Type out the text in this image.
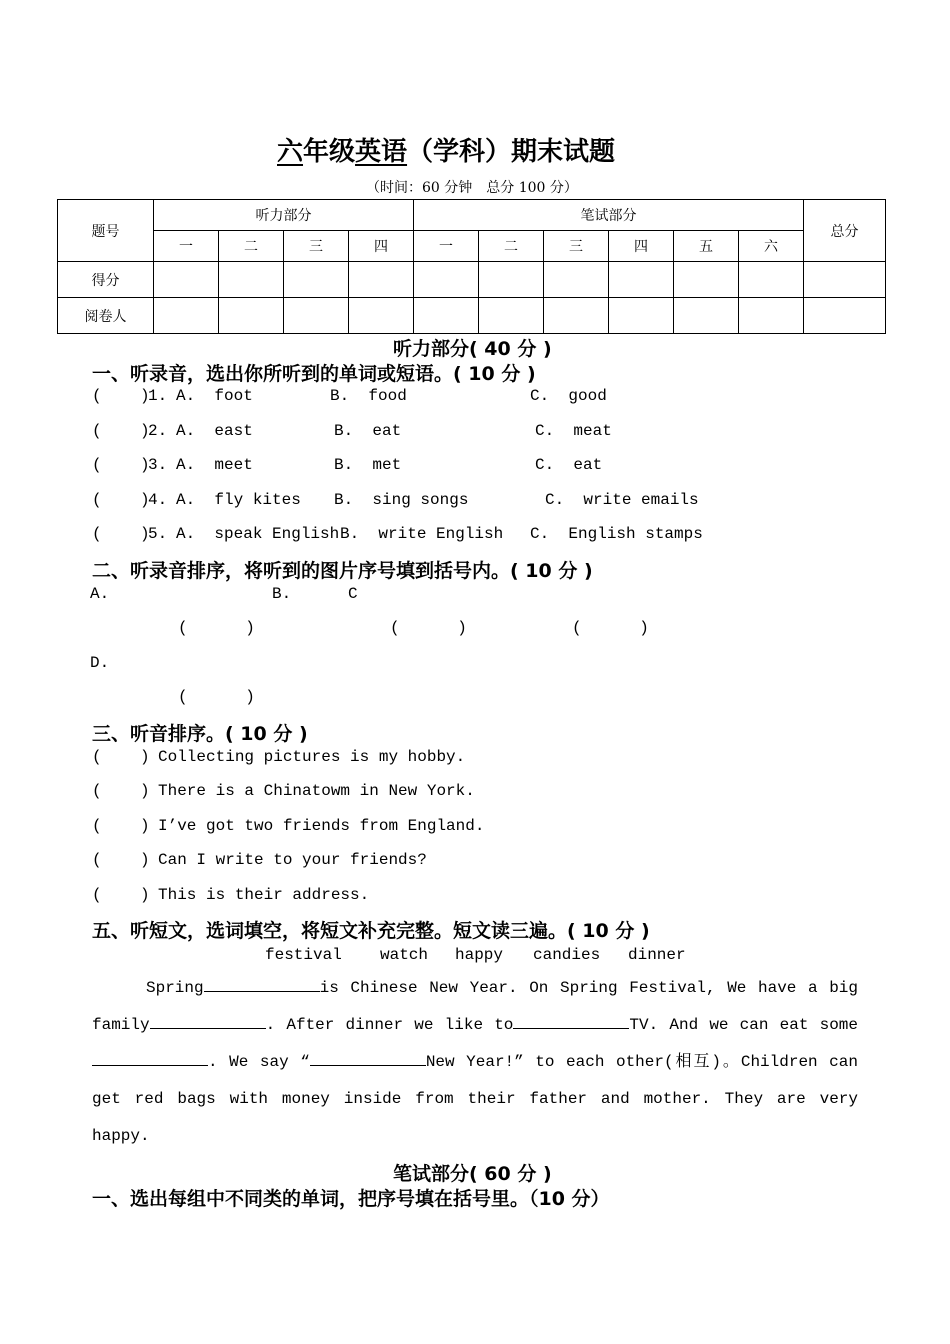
六年级英语（学科）期末试题
（时间：60 分钟　总分 100 分）
题号	听力部分				笔试部分						总分
	一	二	三	四	一	二	三	四	五	六	
得分											
阅卷人											
听力部分( 40 分 )
一、听录音，选出你所听到的单词或短语。( 10 分 )
(    )
1. A.  foot	B.  food	C.  good
(    )
2. A.  east	B.  eat	C.  meat
(    )
3. A.  meet	B.  met	C.  eat
(    )
4. A.  fly kites B.  sing songs	C.  write emails
(    )
5. A.  speak English B.  write English C.  English stamps
二、听录音排序，将听到的图片序号填到括号内。( 10 分 )
A.	B.	C
(      )	(      )	(      )
D.
(      )
三、听音排序。( 10 分 )
(    ) Collecting pictures is my hobby.
(    ) There is a Chinatowm in New York.
(    ) I’ve got two friends from England.
(    ) Can I write to your friends?
(    ) This is their address.
五、听短文，选词填空，将短文补充完整。短文读三遍。( 10 分 )
festival watch happy candies dinner
Spring	is Chinese New Year. On Spring Festival, We have a big family	. After dinner we like to	TV. And we can eat some. We say “	New Year!” to each other(相互)。Children can get red bags with money inside from their father and mother. They are very happy.
笔试部分( 60 分 )
一、选出每组中不同类的单词，把序号填在括号里。（10 分）
